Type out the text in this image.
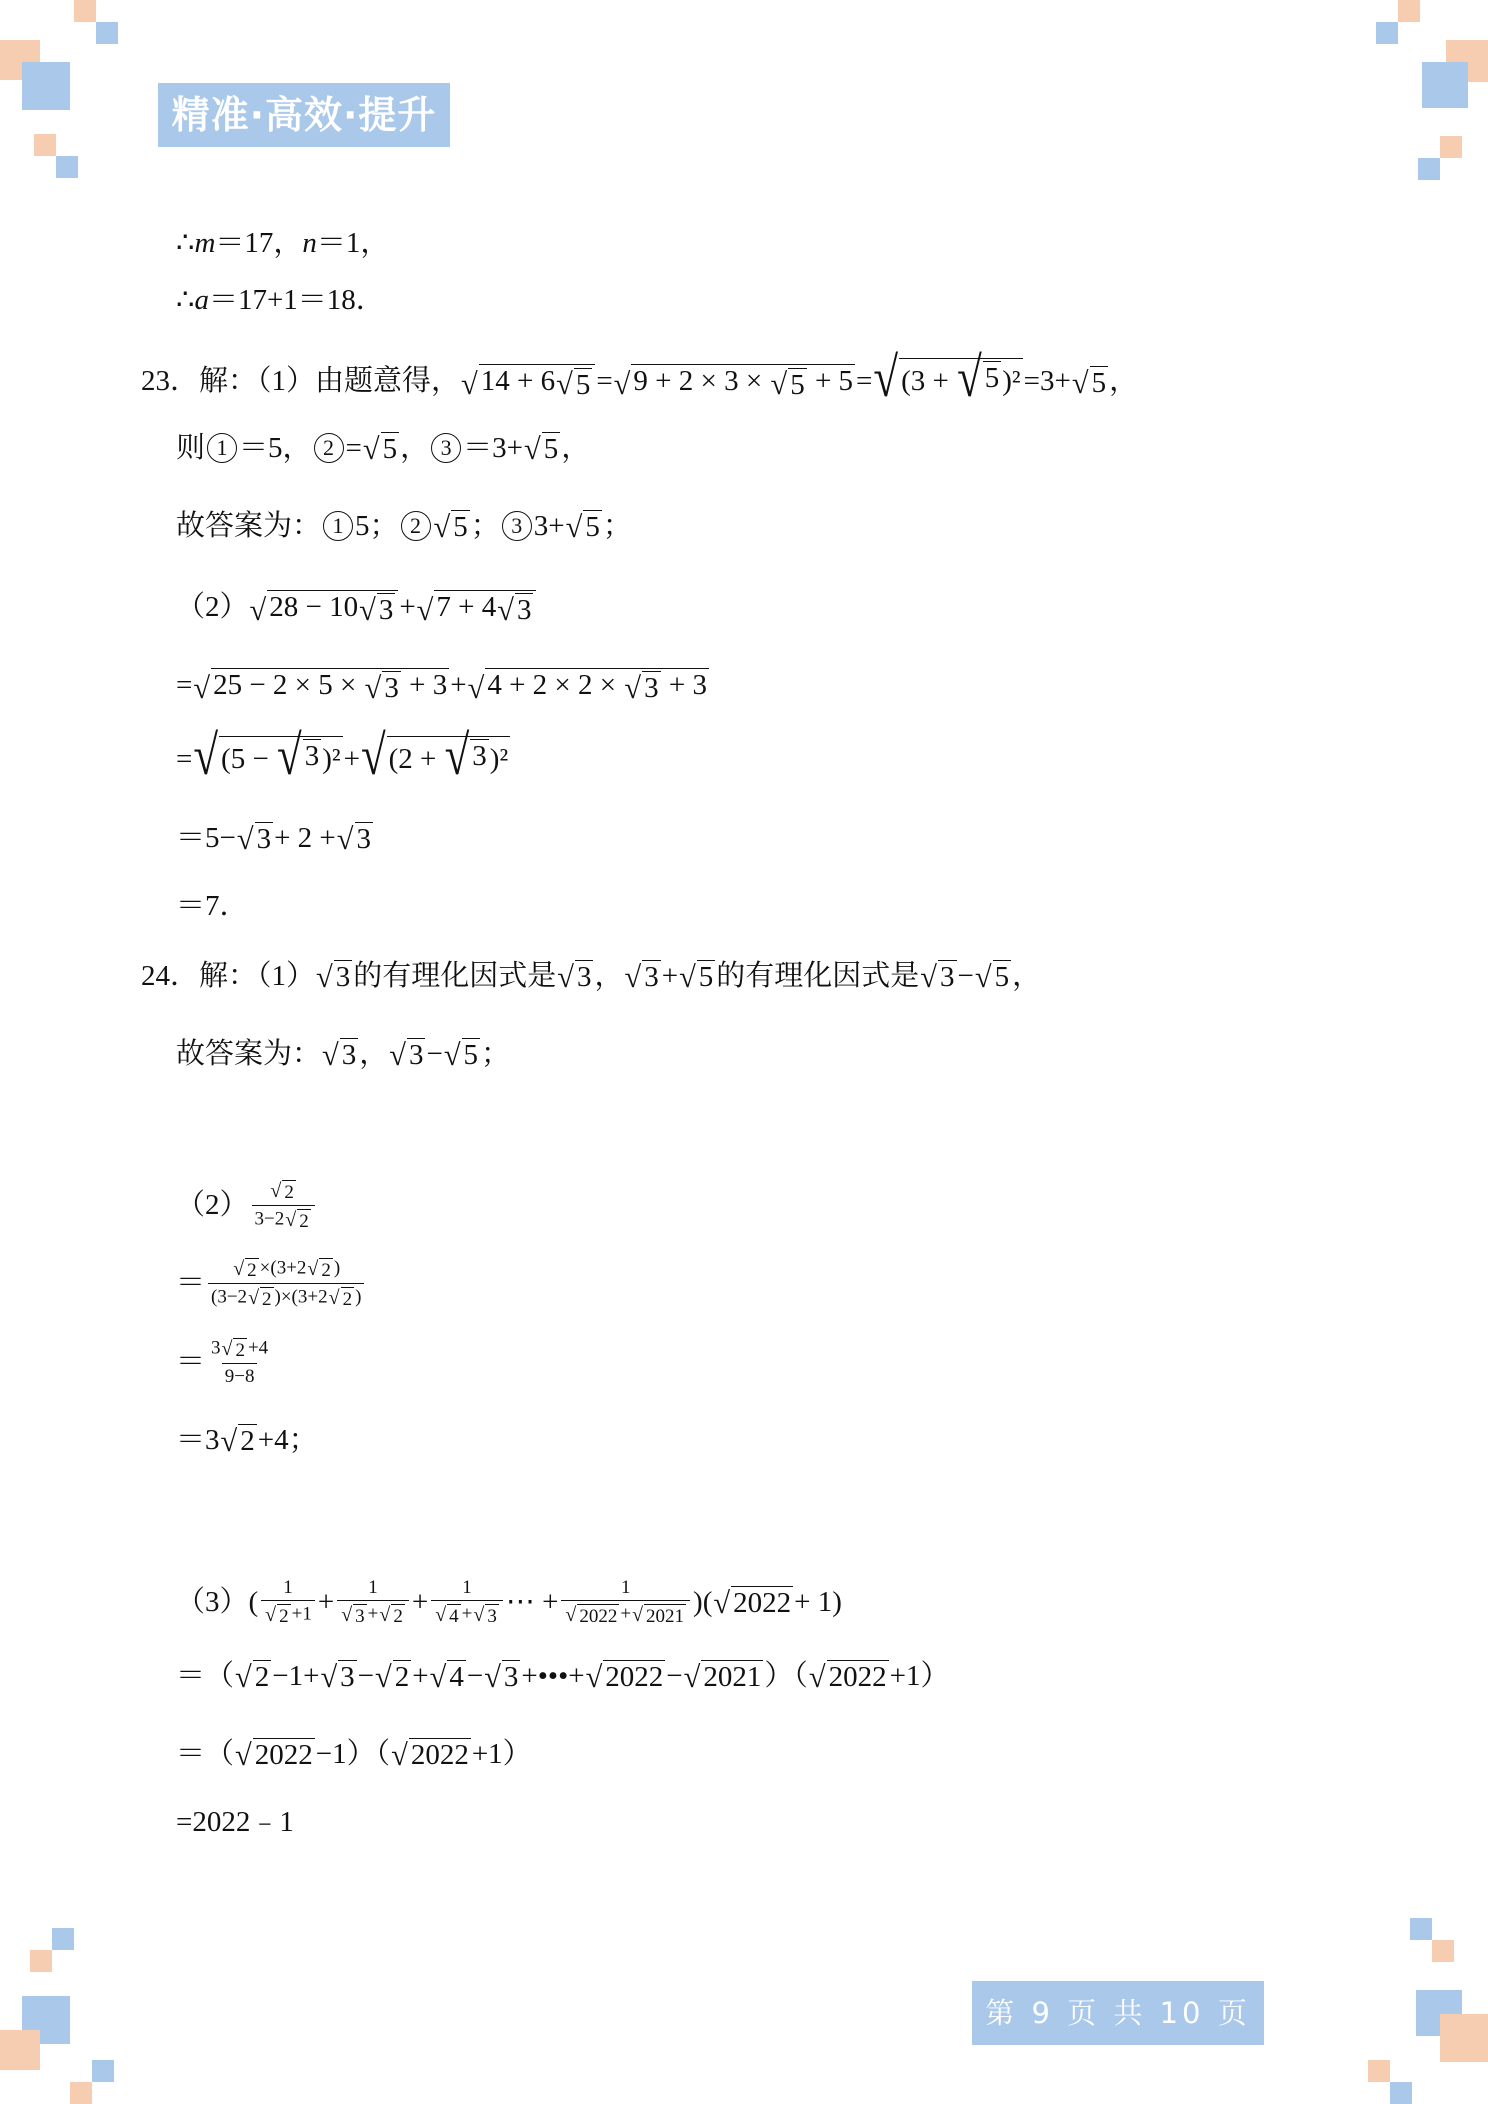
精准·高效·提升
∴ m ＝17， n ＝1，
∴ a ＝17+1＝18．
23．解：（1）由题意得， √ 14 + 6 √ 5 = √ 9 + 2 × 3 × √ 5 + 5 = √ (3 + √ 5 )² =3+ √ 5 ，
则 1 ＝5， 2 = √ 5 ， 3 ＝3+ √ 5 ，
故答案为： 1 5； 2 √ 5 ； 3 3+ √ 5 ；
（2） √ 28 − 10 √ 3 + √ 7 + 4 √ 3
= √ 25 − 2 × 5 × √ 3 + 3 + √ 4 + 2 × 2 × √ 3 + 3
= √ (5 − √ 3 )² + √ (2 + √ 3 )²
＝5− √ 3 + 2 + √ 3
＝7．
24．解：（1） √ 3 的有理化因式是 √ 3 ， √ 3 + √ 5 的有理化因式是 √ 3 − √ 5 ，
故答案为： √ 3 ， √ 3 − √ 5 ；
$(2) \frac{√ 2}{3-2 √ 2}$
＝ $\frac{√ 2 \times(3+2 √ 2 )}{(3-2 √ 2 )\times(3+2 √ 2 )}$
＝ $\frac{3 √ 2 +4}{9-8}$
＝3 √ 2 +4；
$(3)( \frac{1}{√ 2 +1} + \frac{1}{√ 3 + √ 2} + \frac{1}{√ 4 + √ 3}$ ⋯ + $\frac{1}{√ 2022 + √ 2021}$ )( √ 2022 + 1)
＝（ √ 2 −1+ √ 3 − √ 2 + √ 4 − √ 3 +•••+ √ 2022 − √ 2021 ）（ √ 2022 +1）
＝（ √ 2022 −1）（ √ 2022 +1）
=2022﹣1
第 9 页 共 10 页
